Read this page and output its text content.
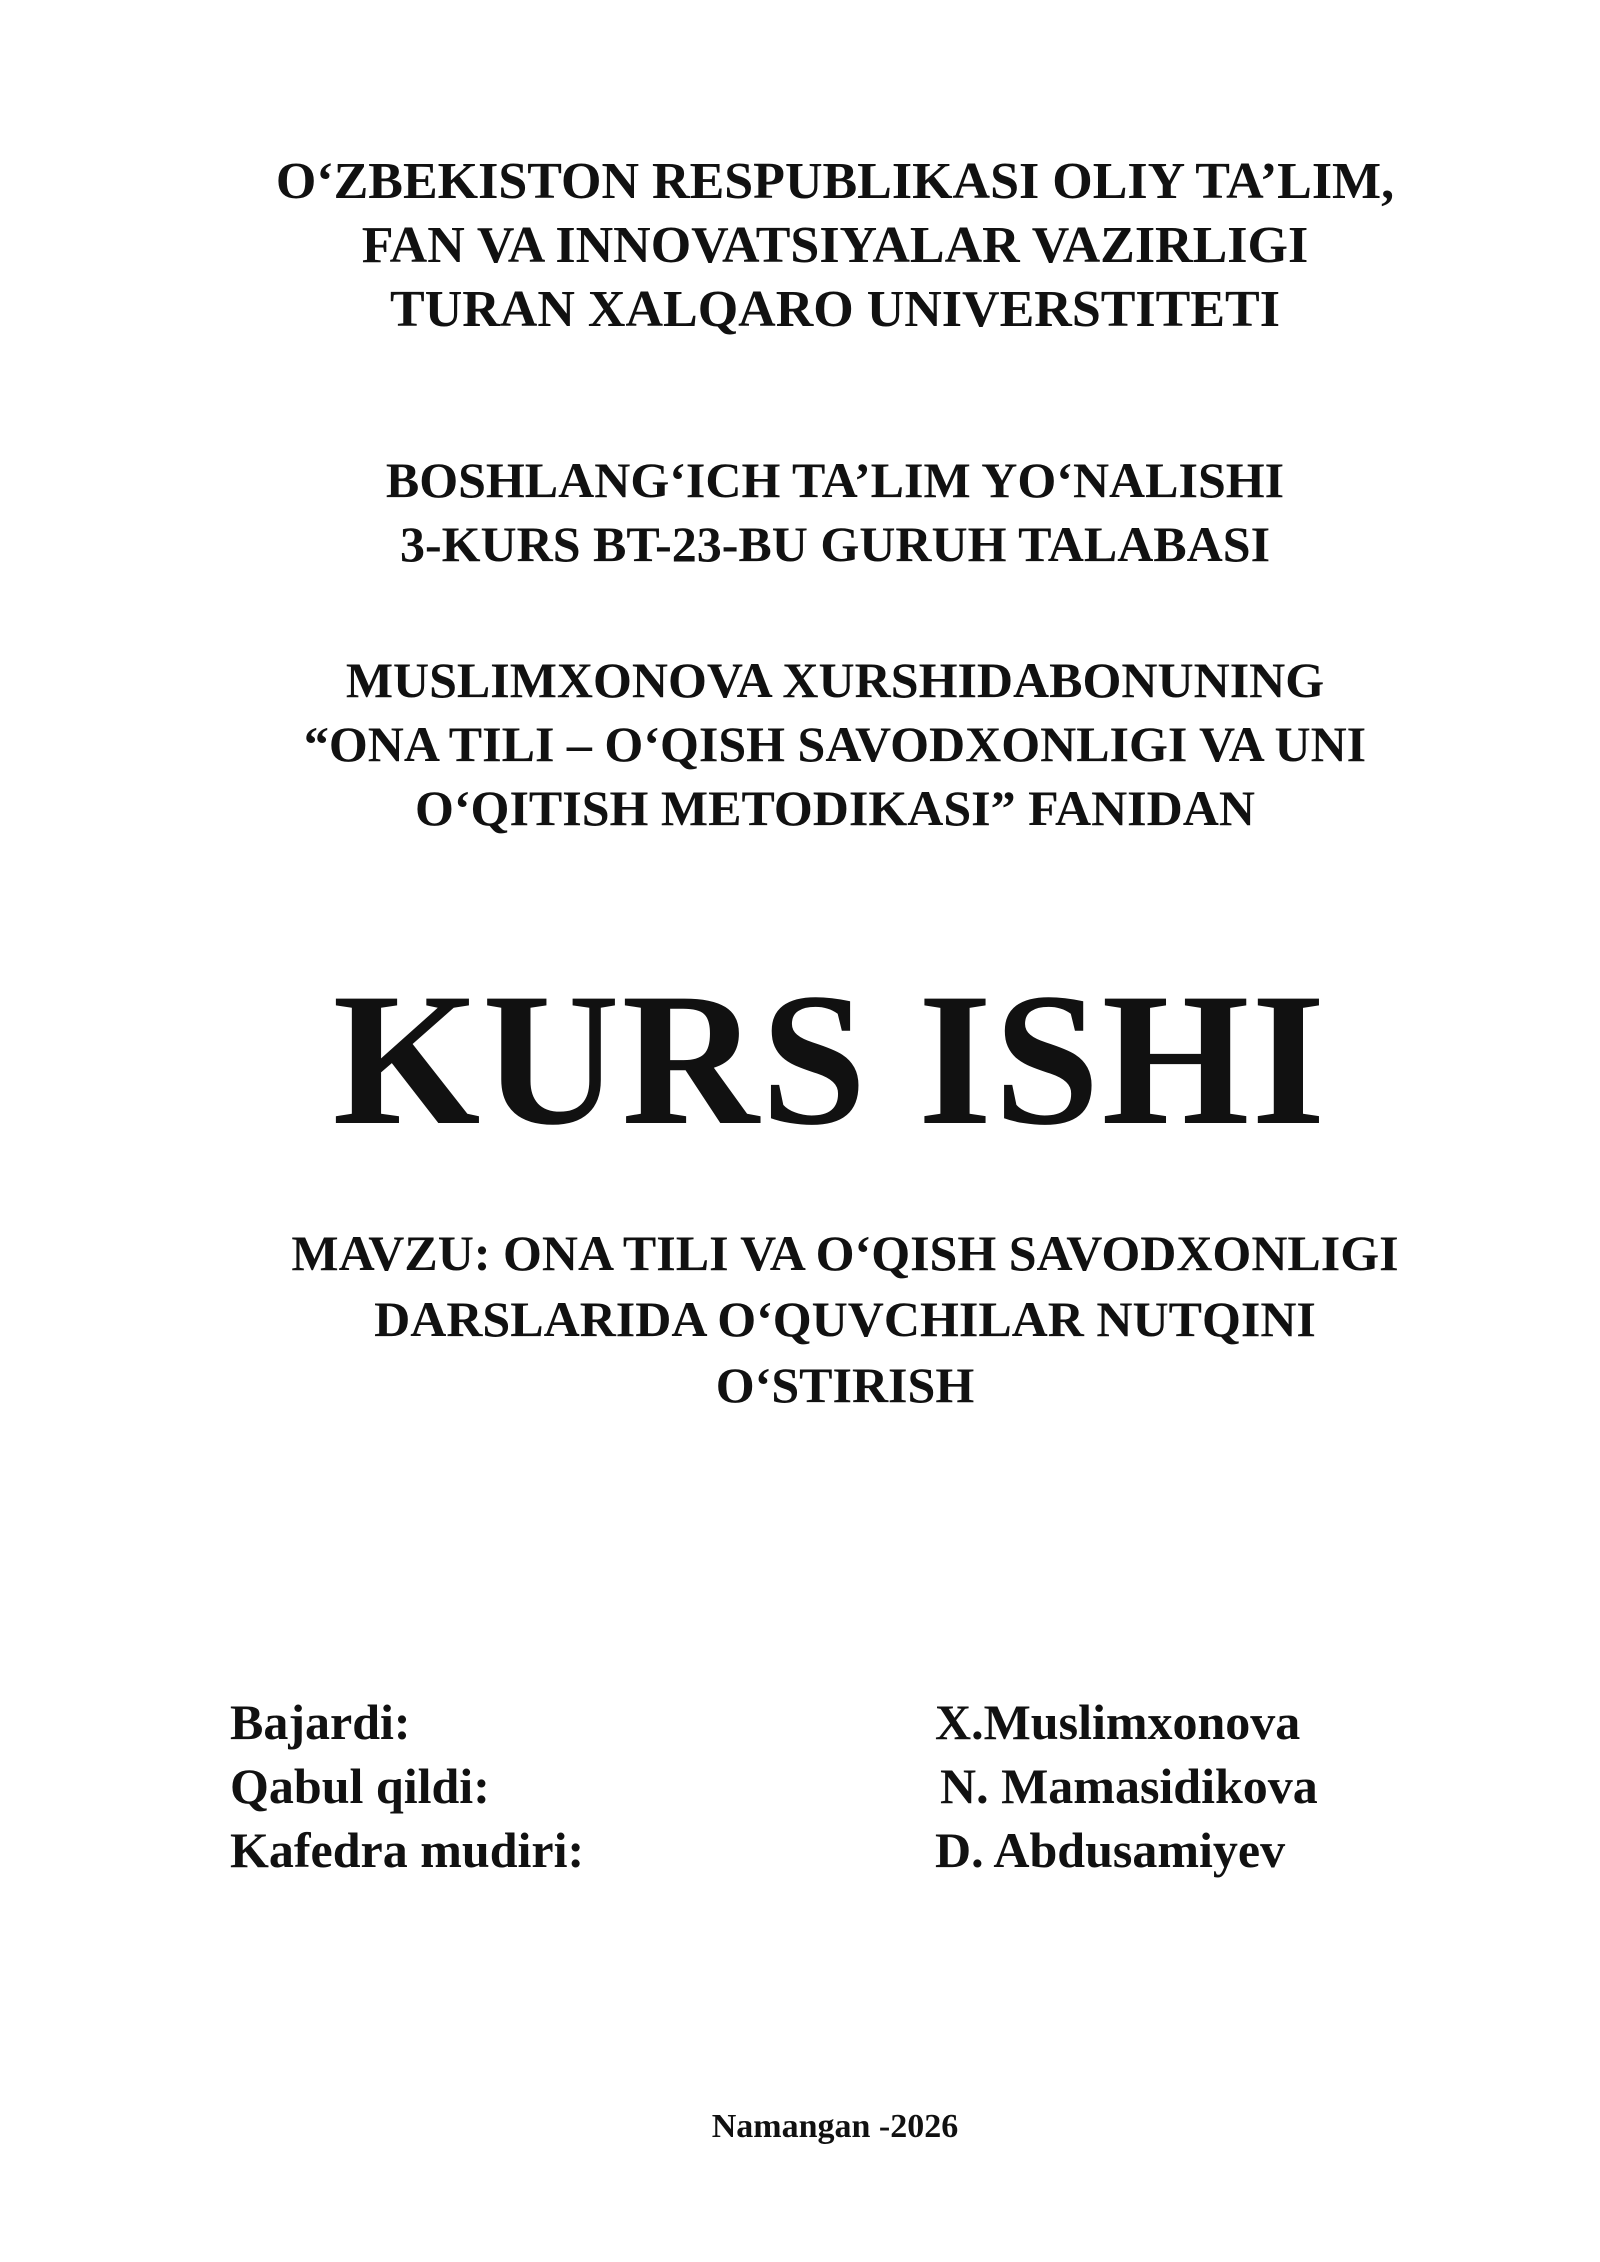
O‘ZBEKISTON RESPUBLIKASI OLIY TA’LIM,
FAN VA INNOVATSIYALAR VAZIRLIGI
TURAN XALQARO UNIVERSTITETI
BOSHLANG‘ICH TA’LIM YO‘NALISHI
3-KURS BT-23-BU GURUH TALABASI
MUSLIMXONOVA XURSHIDABONUNING
“ONA TILI – O‘QISH SAVODXONLIGI VA UNI
O‘QITISH METODIKASI” FANIDAN
KURS ISHI
MAVZU: ONA TILI VA O‘QISH SAVODXONLIGI
DARSLARIDA O‘QUVCHILAR NUTQINI
O‘STIRISH
Bajardi:	X.Muslimxonova
Qabul qildi:	N. Mamasidikova
Kafedra mudiri:	D. Abdusamiyev
Namangan -2026
